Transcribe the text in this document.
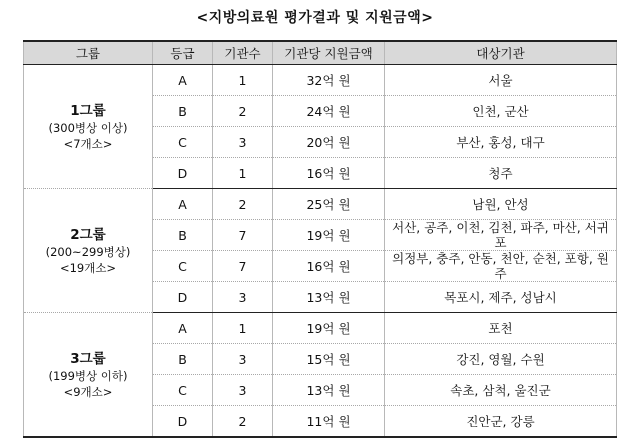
<지방의료원 평가결과 및 지원금액>
그룹	등급	기관수	기관당 지원금액	대상기관

1그룹
(300병상 이상)
<7개소>	A	1	32억 원	서울
	B	2	24억 원	인천, 군산
	C	3	20억 원	부산, 홍성, 대구
	D	1	16억 원	청주

2그룹
(200~299병상)
<19개소>	A	2	25억 원	남원, 안성
	B	7	19억 원	서산, 공주, 이천, 김천, 파주, 마산, 서귀포
	C	7	16억 원	의정부, 충주, 안동, 천안, 순천, 포항, 원주
	D	3	13억 원	목포시, 제주, 성남시

3그룹
(199병상 이하)
<9개소>	A	1	19억 원	포천
	B	3	15억 원	강진, 영월, 수원
	C	3	13억 원	속초, 삼척, 울진군
	D	2	11억 원	진안군, 강릉
